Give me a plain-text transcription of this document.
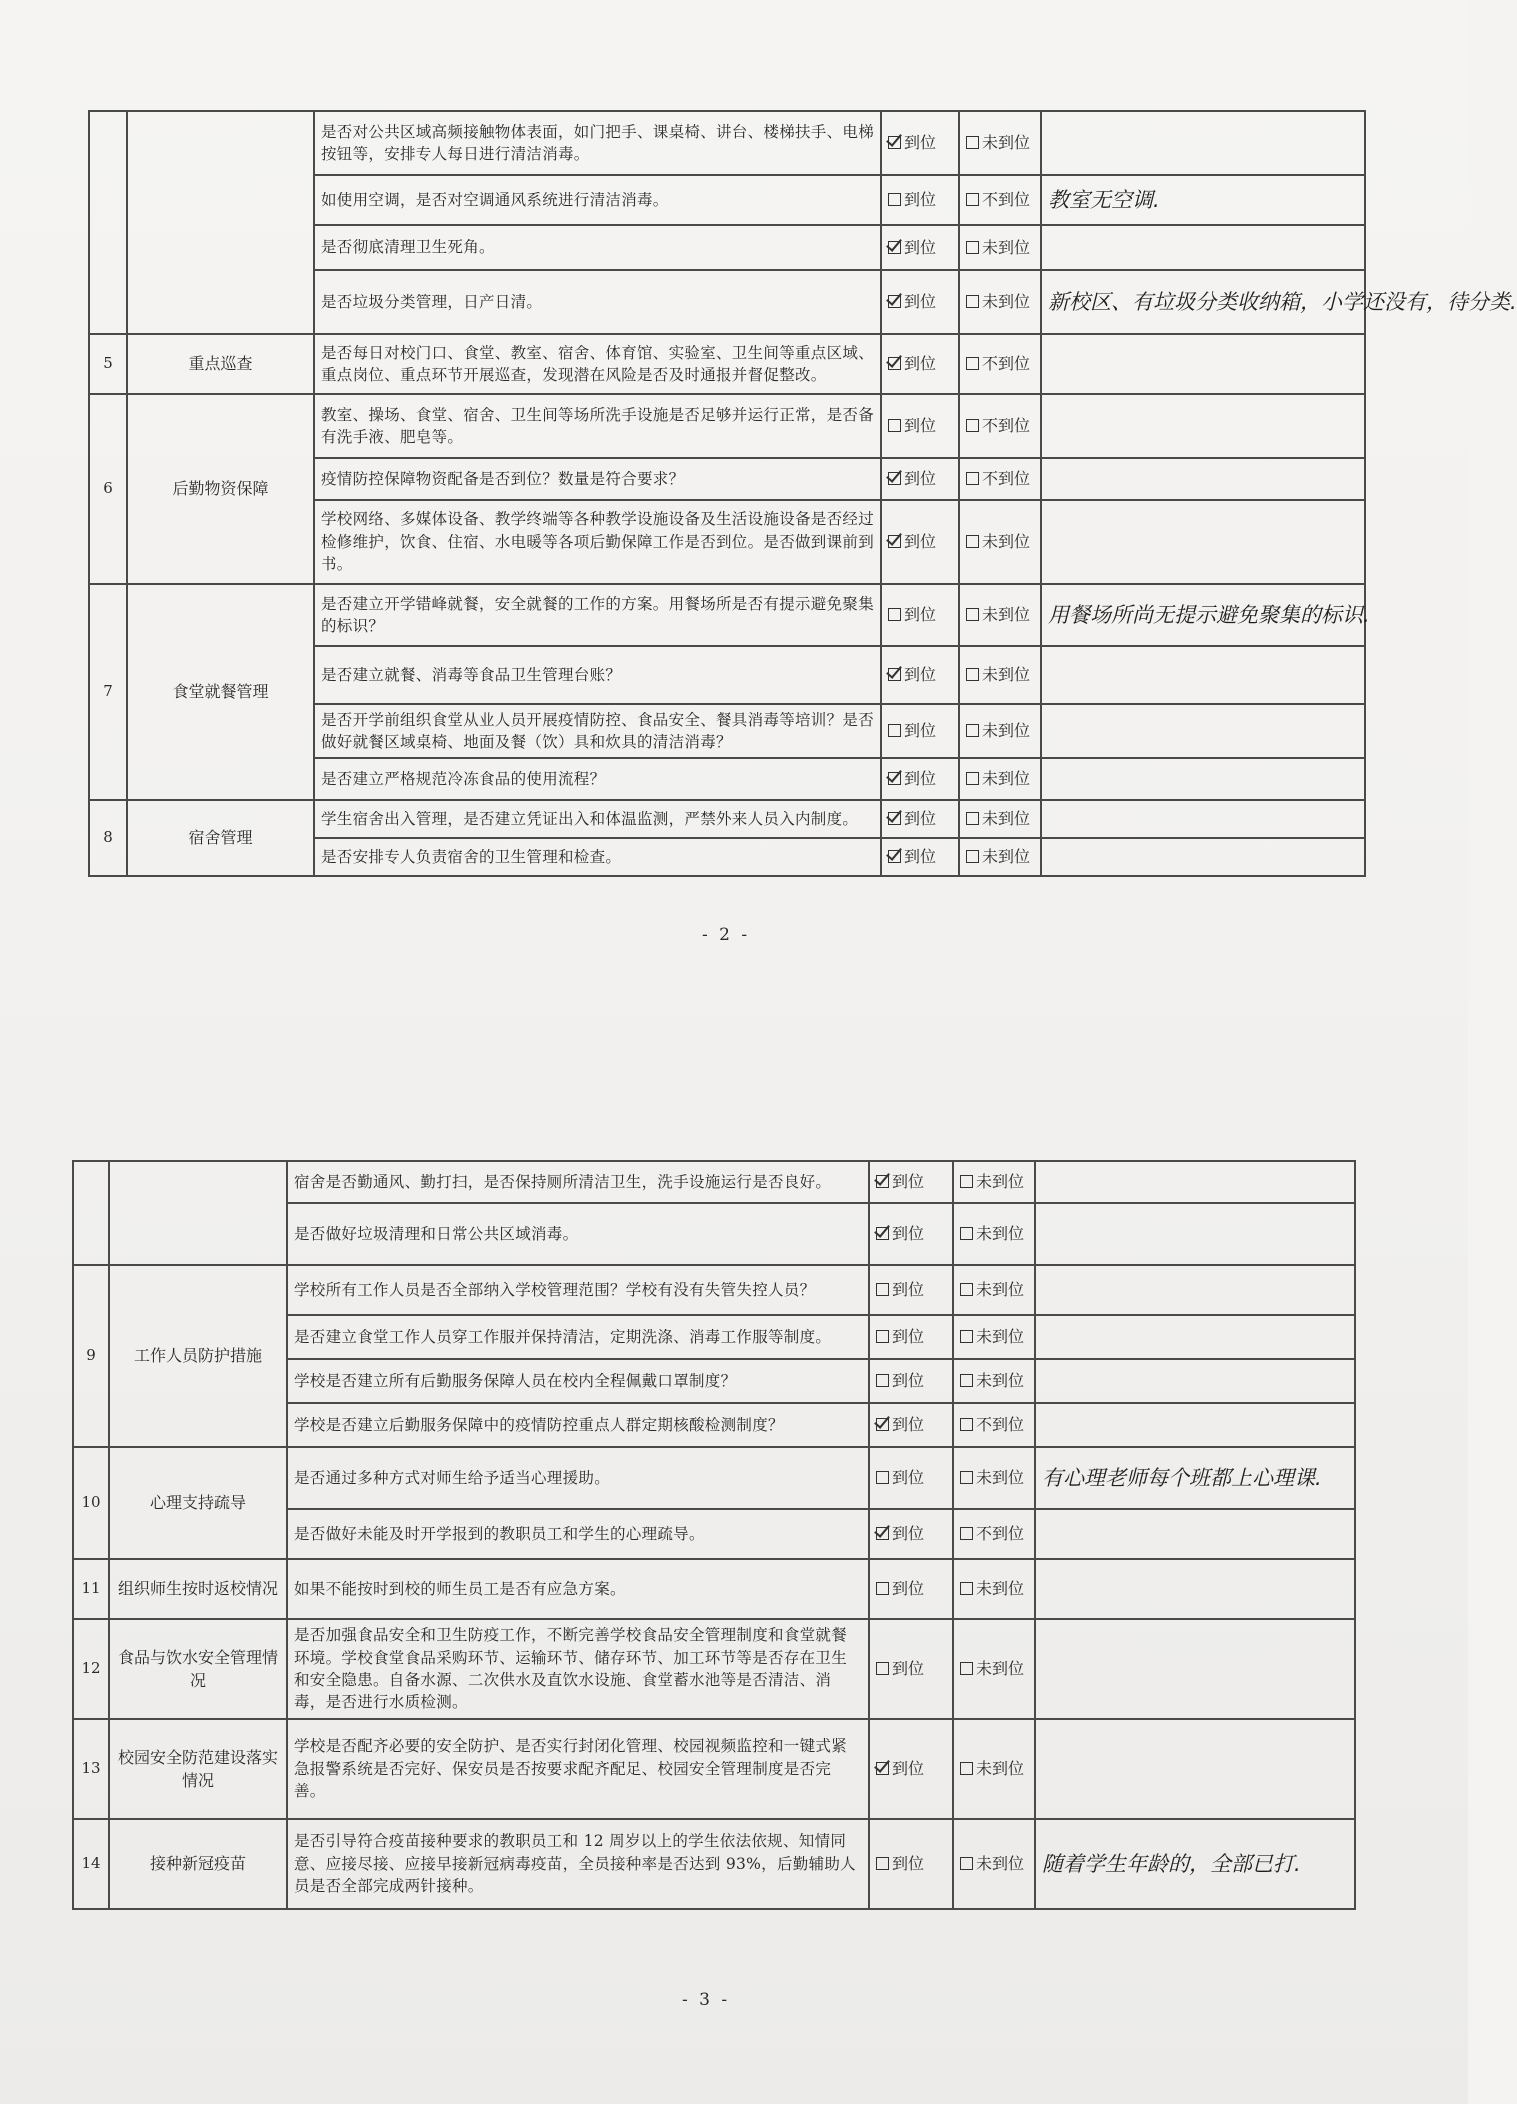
		是否对公共区域高频接触物体表面，如门把手、课桌椅、讲台、楼梯扶手、电梯按钮等，安排专人每日进行清洁消毒。	到位	未到位	
		如使用空调，是否对空调通风系统进行清洁消毒。	到位	不到位	教室无空调.
		是否彻底清理卫生死角。	到位	未到位	
		是否垃圾分类管理，日产日清。	到位	未到位	新校区、有垃圾分类收纳箱，小学还没有，待分类.
5	重点巡查	是否每日对校门口、食堂、教室、宿舍、体育馆、实验室、卫生间等重点区域、重点岗位、重点环节开展巡查，发现潜在风险是否及时通报并督促整改。	到位	不到位	
6	后勤物资保障	教室、操场、食堂、宿舍、卫生间等场所洗手设施是否足够并运行正常，是否备有洗手液、肥皂等。	到位	不到位	
		疫情防控保障物资配备是否到位？数量是符合要求？	到位	不到位	
		学校网络、多媒体设备、教学终端等各种教学设施设备及生活设施设备是否经过检修维护，饮食、住宿、水电暖等各项后勤保障工作是否到位。是否做到课前到书。	到位	未到位	
7	食堂就餐管理	是否建立开学错峰就餐，安全就餐的工作的方案。用餐场所是否有提示避免聚集的标识？	到位	未到位	用餐场所尚无提示避免聚集的标识.
		是否建立就餐、消毒等食品卫生管理台账？	到位	未到位	
		是否开学前组织食堂从业人员开展疫情防控、食品安全、餐具消毒等培训？是否做好就餐区域桌椅、地面及餐（饮）具和炊具的清洁消毒？	到位	未到位	
		是否建立严格规范冷冻食品的使用流程？	到位	未到位	
8	宿舍管理	学生宿舍出入管理，是否建立凭证出入和体温监测，严禁外来人员入内制度。	到位	未到位	
		是否安排专人负责宿舍的卫生管理和检查。	到位	未到位	
- 2 -
		宿舍是否勤通风、勤打扫，是否保持厕所清洁卫生，洗手设施运行是否良好。	到位	未到位	
		是否做好垃圾清理和日常公共区域消毒。	到位	未到位	
9	工作人员防护措施	学校所有工作人员是否全部纳入学校管理范围？学校有没有失管失控人员？	到位	未到位	
		是否建立食堂工作人员穿工作服并保持清洁，定期洗涤、消毒工作服等制度。	到位	未到位	
		学校是否建立所有后勤服务保障人员在校内全程佩戴口罩制度？	到位	未到位	
		学校是否建立后勤服务保障中的疫情防控重点人群定期核酸检测制度？	到位	不到位	
10	心理支持疏导	是否通过多种方式对师生给予适当心理援助。	到位	未到位	有心理老师每个班都上心理课.
		是否做好未能及时开学报到的教职员工和学生的心理疏导。	到位	不到位	
11	组织师生按时返校情况	如果不能按时到校的师生员工是否有应急方案。	到位	未到位	
12	食品与饮水安全管理情况	是否加强食品安全和卫生防疫工作，不断完善学校食品安全管理制度和食堂就餐环境。学校食堂食品采购环节、运输环节、储存环节、加工环节等是否存在卫生和安全隐患。自备水源、二次供水及直饮水设施、食堂蓄水池等是否清洁、消毒，是否进行水质检测。	到位	未到位	
13	校园安全防范建设落实情况	学校是否配齐必要的安全防护、是否实行封闭化管理、校园视频监控和一键式紧急报警系统是否完好、保安员是否按要求配齐配足、校园安全管理制度是否完善。	到位	未到位	
14	接种新冠疫苗	是否引导符合疫苗接种要求的教职员工和 12 周岁以上的学生依法依规、知情同意、应接尽接、应接早接新冠病毒疫苗，全员接种率是否达到 93%，后勤辅助人员是否全部完成两针接种。	到位	未到位	随着学生年龄的，全部已打.
- 3 -
